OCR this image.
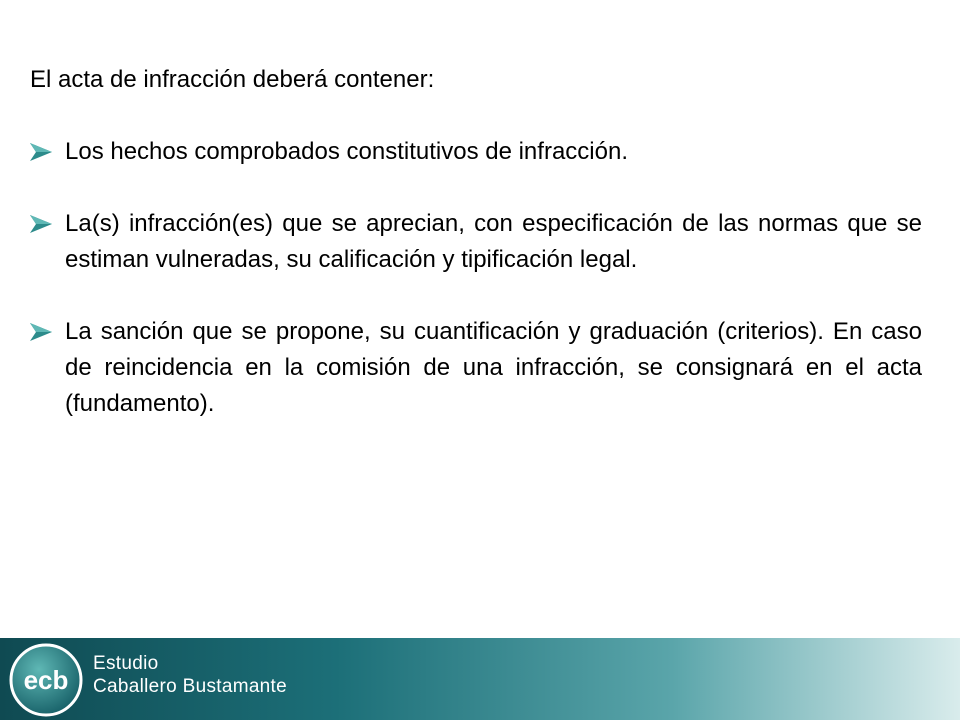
El acta de infracción deberá contener:

Los hechos comprobados constitutivos de infracción.
La(s) infracción(es) que se aprecian, con especificación de las normas que se estiman vulneradas, su calificación y tipificación legal.
La sanción que se propone, su cuantificación y graduación (criterios). En caso de reincidencia en la comisión de una infracción, se consignará en el acta (fundamento).
ecb
Estudio
Caballero Bustamante
